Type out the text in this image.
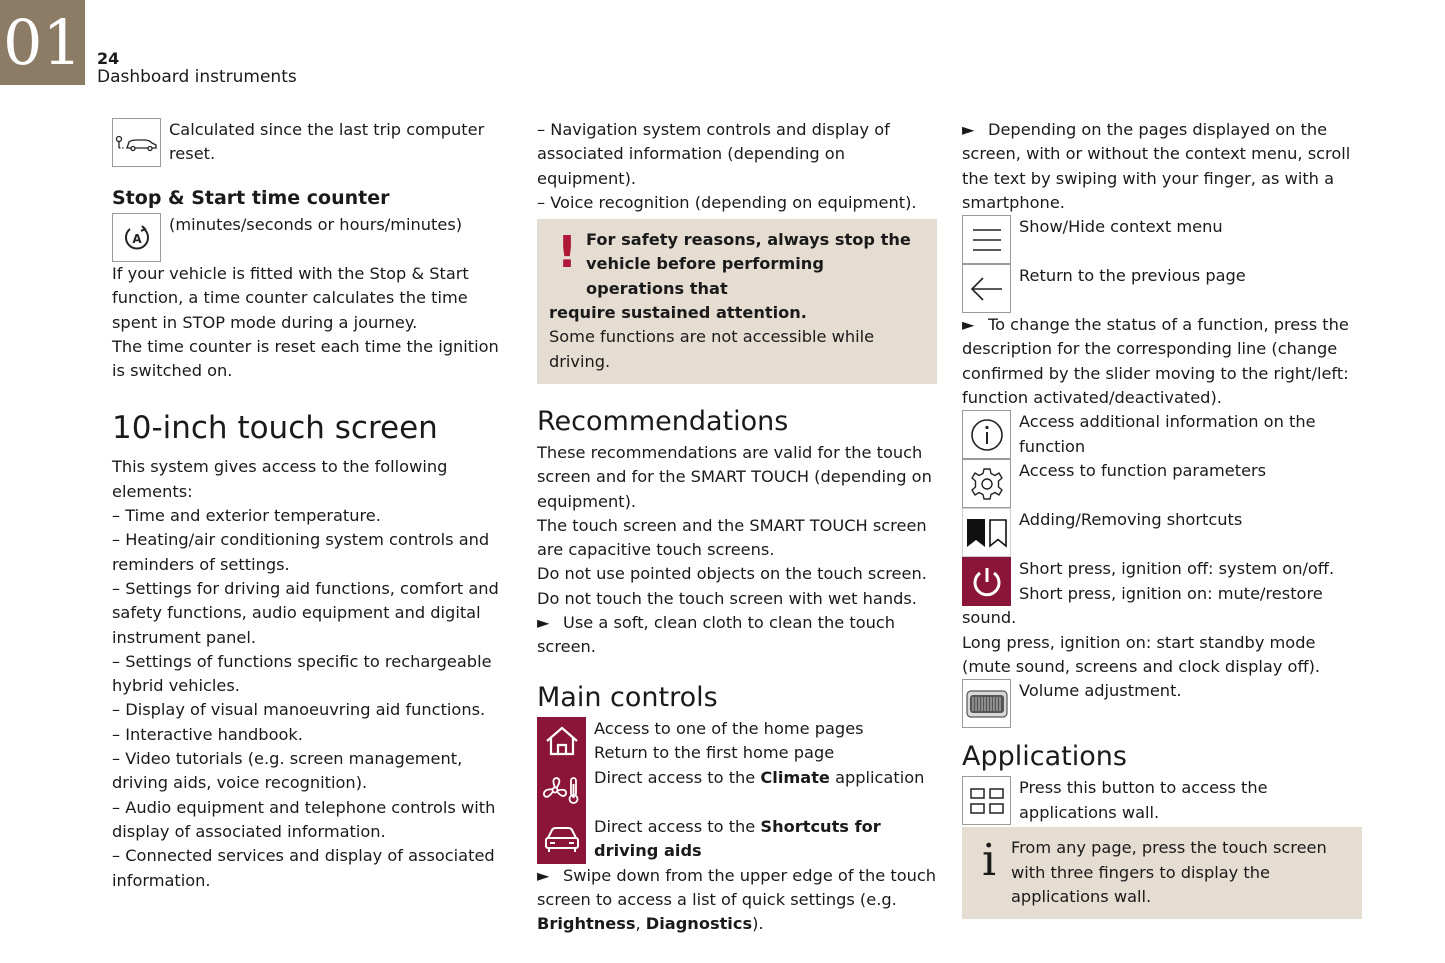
01 24
Dashboard instruments

Calculated since the last trip computer

reset.

Stop & Start time counter
A

(minutes/seconds or hours/minutes)

If your vehicle is fitted with the Stop & Start function, a time counter calculates the time spent in STOP mode during a journey.

The time counter is reset each time the ignition is switched on.

10-inch touch screen

This system gives access to the following elements:

– Time and exterior temperature.

– Heating/air conditioning system controls and reminders of settings.

– Settings for driving aid functions, comfort and safety functions, audio equipment and digital instrument panel.

– Settings of functions specific to rechargeable hybrid vehicles.

– Display of visual manoeuvring aid functions.

– Interactive handbook.

– Video tutorials (e.g. screen management, driving aids, voice recognition).

– Audio equipment and telephone controls with display of associated information.

– Connected services and display of associated information.

– Navigation system controls and display of associated information (depending on equipment).

– Voice recognition (depending on equipment).

! For safety reasons, always stop the

vehicle before performing operations that

require sustained attention.

Some functions are not accessible while driving.

Recommendations

These recommendations are valid for the touch screen and for the SMART TOUCH (depending on equipment).

The touch screen and the SMART TOUCH screen are capacitive touch screens.

Do not use pointed objects on the touch screen.

Do not touch the touch screen with wet hands.

► Use a soft, clean cloth to clean the touch screen.

Main controls

Access to one of the home pages

Return to the first home page

Direct access to the Climate application

Direct access to the Shortcuts for driving aids

► Swipe down from the upper edge of the touch screen to access a list of quick settings (e.g. Brightness, Diagnostics).

► Depending on the pages displayed on the screen, with or without the context menu, scroll the text by swiping with your finger, as with a smartphone.

Show/Hide context menu

Return to the previous page

► To change the status of a function, press the description for the corresponding line (change confirmed by the slider moving to the right/left: function activated/deactivated).

Access additional information on the function

Access to function parameters

Adding/Removing shortcuts

Short press, ignition off: system on/off.

Short press, ignition on: mute/restore sound.

Long press, ignition on: start standby mode (mute sound, screens and clock display off).

Volume adjustment.

Applications

Press this button to access the applications wall.

i From any page, press the touch screen with three fingers to display the applications wall.
